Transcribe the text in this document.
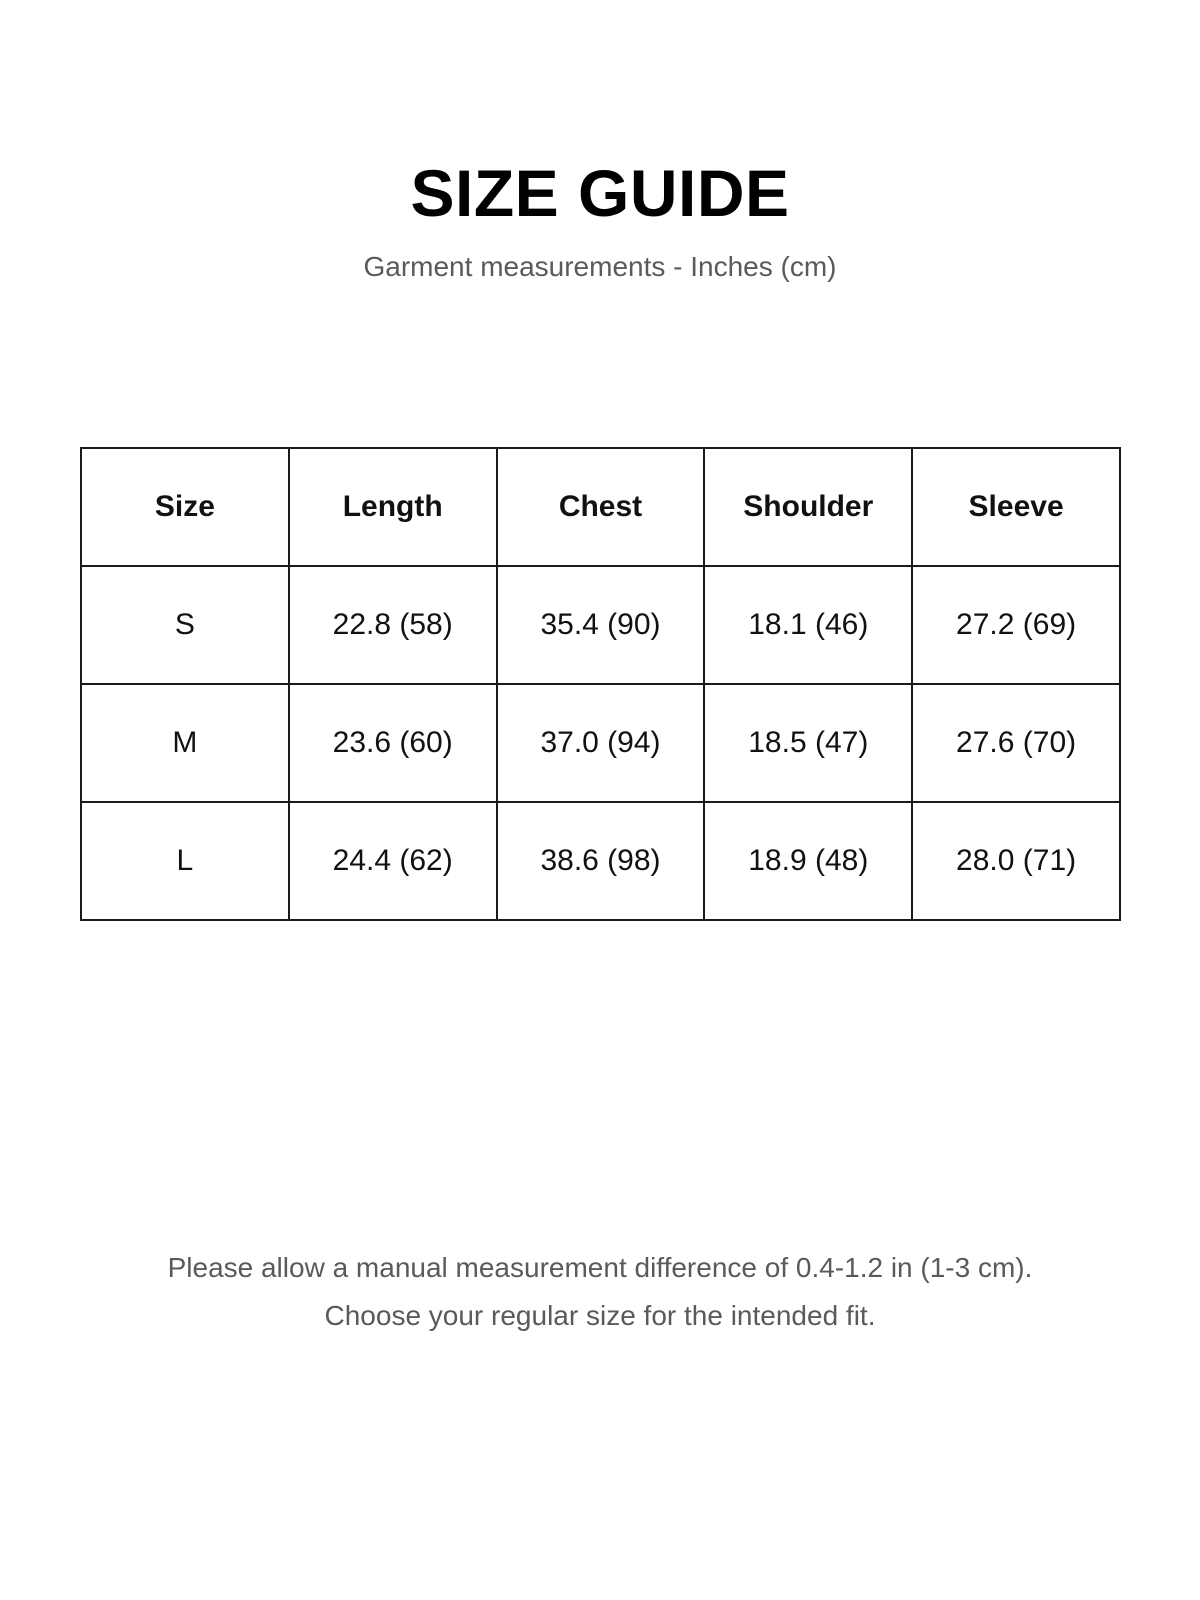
SIZE GUIDE
Garment measurements - Inches (cm)
Size	Length	Chest	Shoulder	Sleeve
S	22.8 (58)	35.4 (90)	18.1 (46)	27.2 (69)
M	23.6 (60)	37.0 (94)	18.5 (47)	27.6 (70)
L	24.4 (62)	38.6 (98)	18.9 (48)	28.0 (71)
Please allow a manual measurement difference of 0.4-1.2 in (1-3 cm).
Choose your regular size for the intended fit.
